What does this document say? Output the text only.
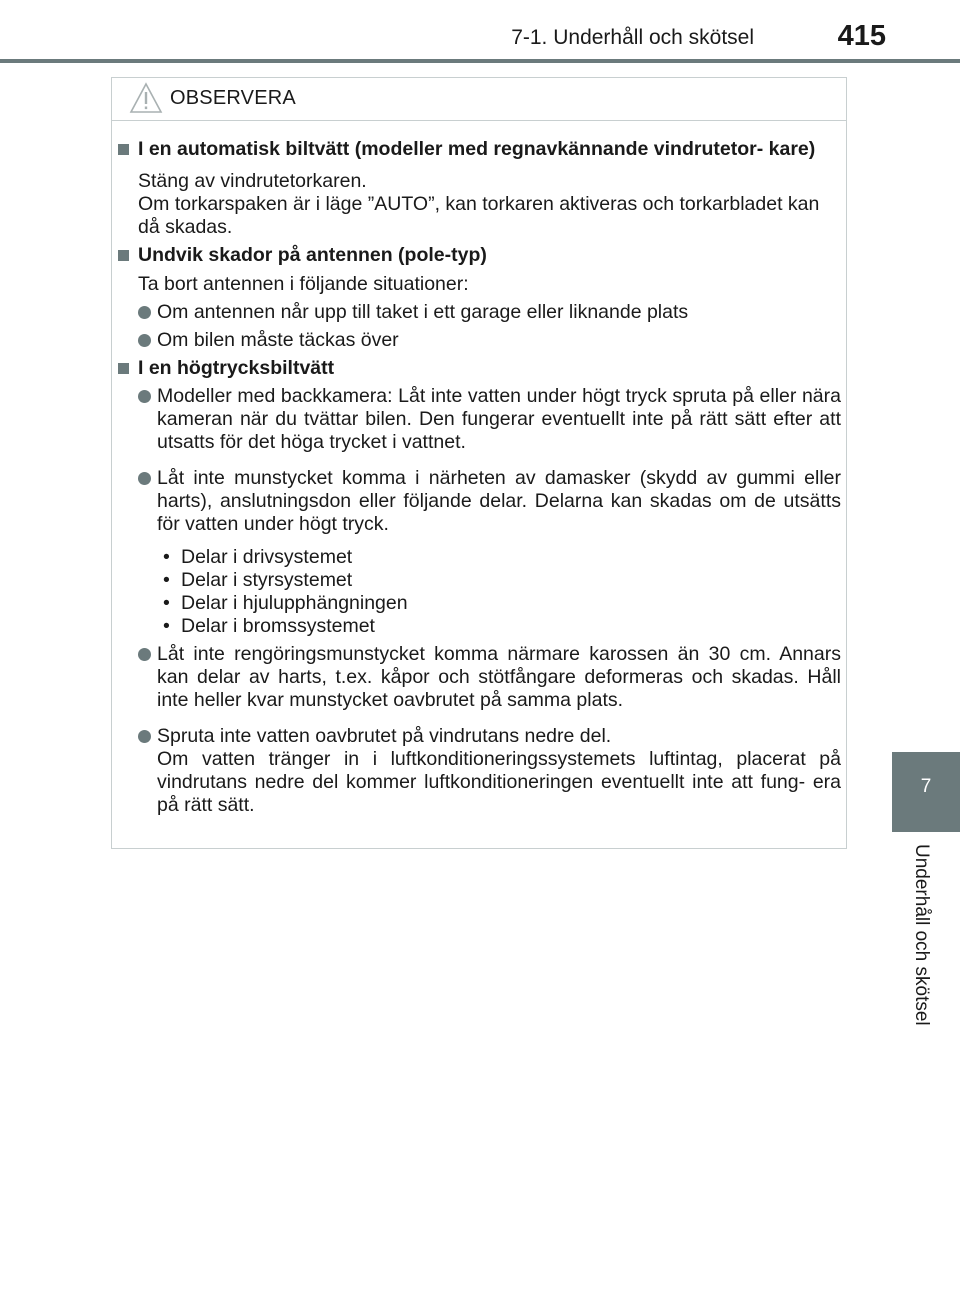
7-1. Underhåll och skötsel	415
7
Underhåll och skötsel
OBSERVERA
I en automatisk biltvätt (modeller med regnavkännande vindrutetor- kare)
Stäng av vindrutetorkaren.
Om torkarspaken är i läge ”AUTO”, kan torkaren aktiveras och torkarbladet kan då skadas.
Undvik skador på antennen (pole-typ)
Ta bort antennen i följande situationer:
Om antennen når upp till taket i ett garage eller liknande plats
Om bilen måste täckas över
I en högtrycksbiltvätt
Modeller med backkamera: Låt inte vatten under högt tryck spruta på eller nära kameran när du tvättar bilen. Den fungerar eventuellt inte på rätt sätt efter att utsatts för det höga trycket i vattnet.
Låt inte munstycket komma i närheten av damasker (skydd av gummi eller harts), anslutningsdon eller följande delar. Delarna kan skadas om de utsätts för vatten under högt tryck.
• Delar i drivsystemet
• Delar i styrsystemet
• Delar i hjulupphängningen
• Delar i bromssystemet
Låt inte rengöringsmunstycket komma närmare karossen än 30 cm. Annars kan delar av harts, t.ex. kåpor och stötfångare deformeras och skadas. Håll inte heller kvar munstycket oavbrutet på samma plats.
Spruta inte vatten oavbrutet på vindrutans nedre del.
Om vatten tränger in i luftkonditioneringssystemets luftintag, placerat på vindrutans nedre del kommer luftkonditioneringen eventuellt inte att fung- era på rätt sätt.
